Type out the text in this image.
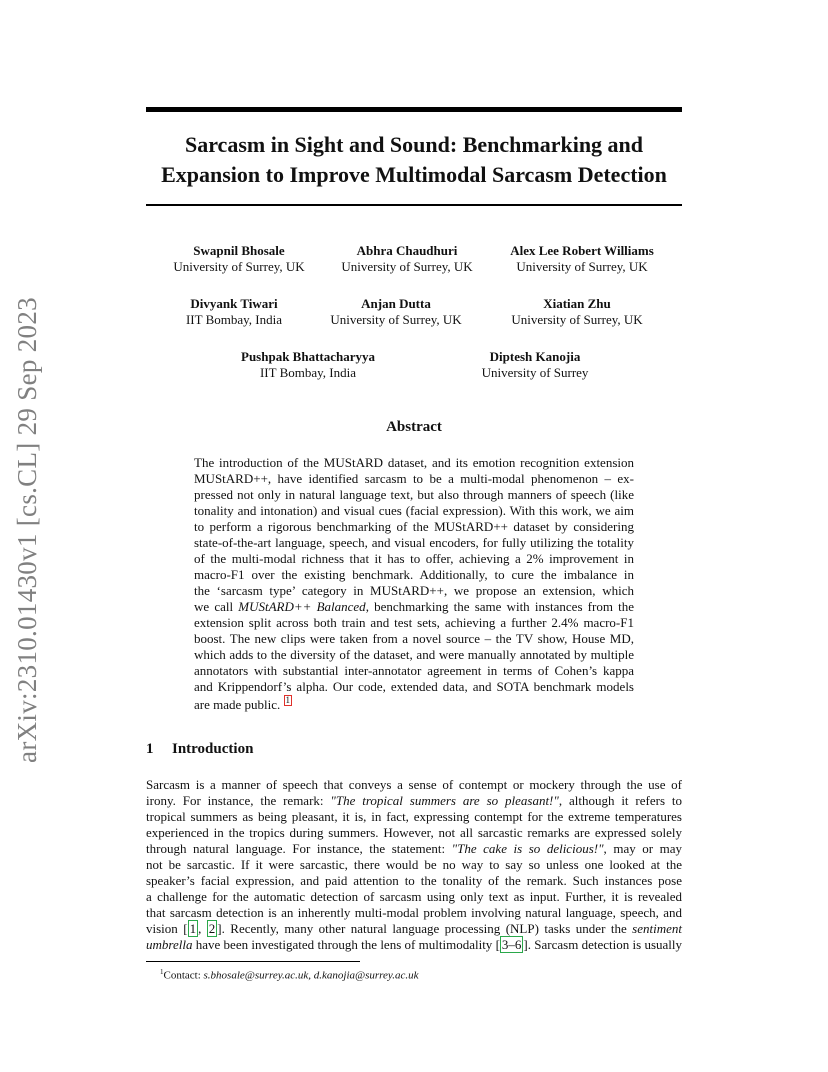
arXiv:2310.01430v1 [cs.CL] 29 Sep 2023
Sarcasm in Sight and Sound: Benchmarking and
Expansion to Improve Multimodal Sarcasm Detection
Swapnil Bhosale
University of Surrey, UK
Abhra Chaudhuri
University of Surrey, UK
Alex Lee Robert Williams
University of Surrey, UK
Divyank Tiwari
IIT Bombay, India
Anjan Dutta
University of Surrey, UK
Xiatian Zhu
University of Surrey, UK
Pushpak Bhattacharyya
IIT Bombay, India
Diptesh Kanojia
University of Surrey
Abstract
The introduction of the MUStARD dataset, and its emotion recognition extension
MUStARD++, have identified sarcasm to be a multi-modal phenomenon – ex-
pressed not only in natural language text, but also through manners of speech (like
tonality and intonation) and visual cues (facial expression). With this work, we aim
to perform a rigorous benchmarking of the MUStARD++ dataset by considering
state-of-the-art language, speech, and visual encoders, for fully utilizing the totality
of the multi-modal richness that it has to offer, achieving a 2% improvement in
macro-F1 over the existing benchmark. Additionally, to cure the imbalance in
the ‘sarcasm type’ category in MUStARD++, we propose an extension, which
we call MUStARD++ Balanced, benchmarking the same with instances from the
extension split across both train and test sets, achieving a further 2.4% macro-F1
boost. The new clips were taken from a novel source – the TV show, House MD,
which adds to the diversity of the dataset, and were manually annotated by multiple
annotators with substantial inter-annotator agreement in terms of Cohen’s kappa
and Krippendorf’s alpha. Our code, extended data, and SOTA benchmark models
are made public. 1
1 Introduction
Sarcasm is a manner of speech that conveys a sense of contempt or mockery through the use of
irony. For instance, the remark: "The tropical summers are so pleasant!", although it refers to
tropical summers as being pleasant, it is, in fact, expressing contempt for the extreme temperatures
experienced in the tropics during summers. However, not all sarcastic remarks are expressed solely
through natural language. For instance, the statement: "The cake is so delicious!", may or may
not be sarcastic. If it were sarcastic, there would be no way to say so unless one looked at the
speaker’s facial expression, and paid attention to the tonality of the remark. Such instances pose
a challenge for the automatic detection of sarcasm using only text as input. Further, it is revealed
that sarcasm detection is an inherently multi-modal problem involving natural language, speech, and
vision [ 1 , 2 ]. Recently, many other natural language processing (NLP) tasks under the sentiment
umbrella have been investigated through the lens of multimodality [ 3–6 ]. Sarcasm detection is usually
$^1$Contact: s.bhosale@surrey.ac.uk, d.kanojia@surrey.ac.uk
